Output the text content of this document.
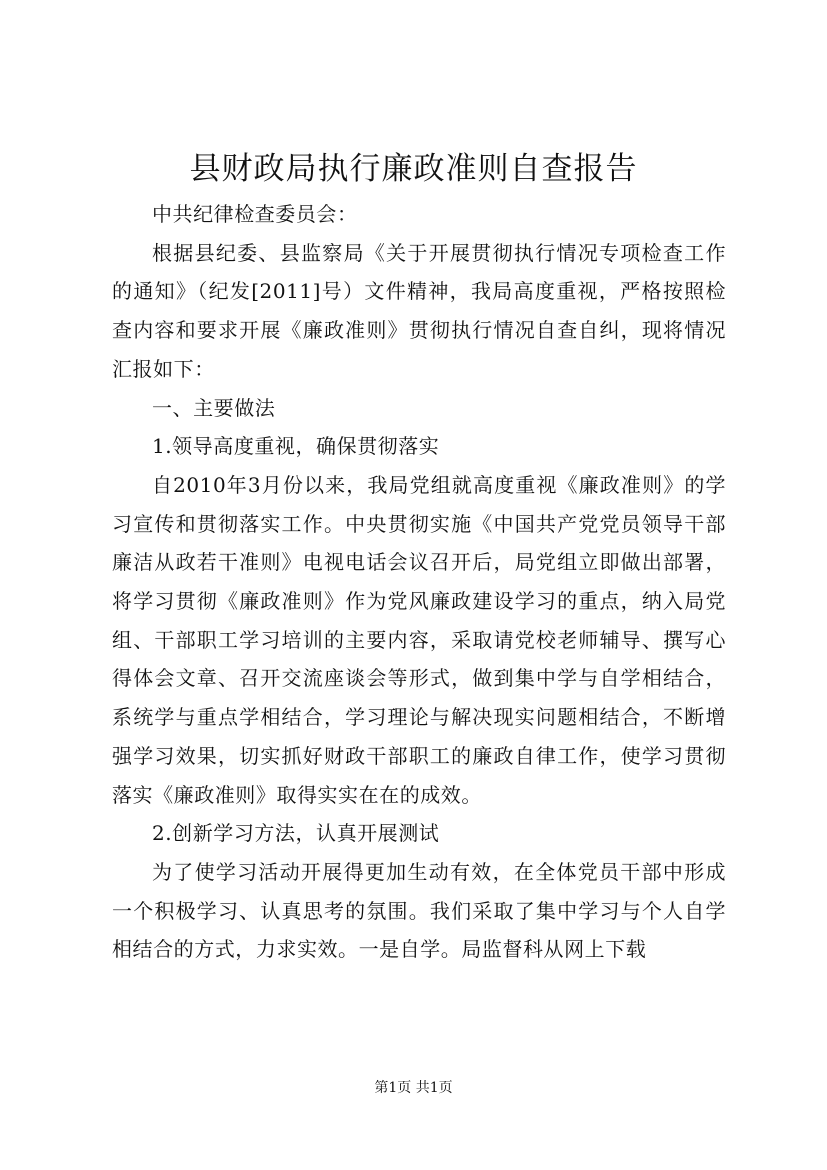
县财政局执行廉政准则自查报告

中共纪律检查委员会：

根据县纪委、县监察局《关于开展贯彻执行情况专项检查工作的通知》（纪发[2011]号）文件精神，我局高度重视，严格按照检查内容和要求开展《廉政准则》贯彻执行情况自查自纠，现将情况汇报如下：

一、主要做法

1.领导高度重视，确保贯彻落实

自2010年3月份以来，我局党组就高度重视《廉政准则》的学习宣传和贯彻落实工作。中央贯彻实施《中国共产党党员领导干部廉洁从政若干准则》电视电话会议召开后，局党组立即做出部署，将学习贯彻《廉政准则》作为党风廉政建设学习的重点，纳入局党组、干部职工学习培训的主要内容，采取请党校老师辅导、撰写心得体会文章、召开交流座谈会等形式，做到集中学与自学相结合，系统学与重点学相结合，学习理论与解决现实问题相结合，不断增强学习效果，切实抓好财政干部职工的廉政自律工作，使学习贯彻落实《廉政准则》取得实实在在的成效。

2.创新学习方法，认真开展测试

为了使学习活动开展得更加生动有效，在全体党员干部中形成一个积极学习、认真思考的氛围。我们采取了集中学习与个人自学相结合的方式，力求实效。一是自学。局监督科从网上下载

第1页 共1页
